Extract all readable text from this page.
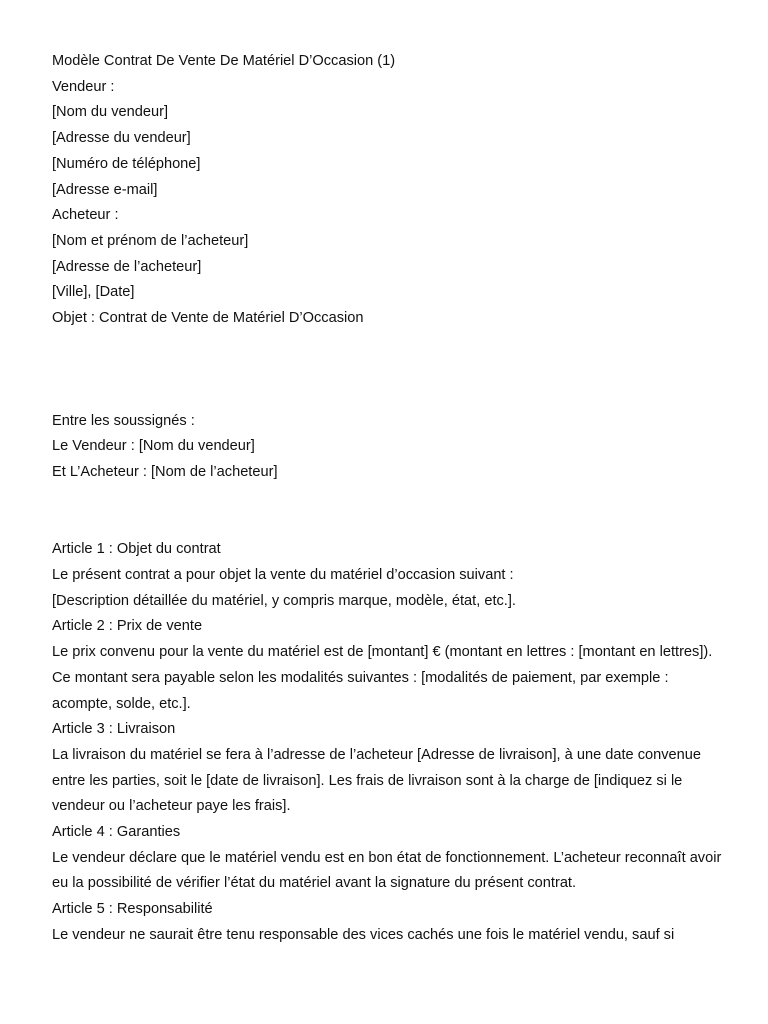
Modèle Contrat De Vente De Matériel D’Occasion (1)

Vendeur :

[Nom du vendeur]

[Adresse du vendeur]

[Numéro de téléphone]

[Adresse e-mail]

Acheteur :

[Nom et prénom de l’acheteur]

[Adresse de l’acheteur]

[Ville], [Date]

Objet : Contrat de Vente de Matériel D’Occasion

Entre les soussignés :

Le Vendeur : [Nom du vendeur]

Et L’Acheteur : [Nom de l’acheteur]

Article 1 : Objet du contrat

Le présent contrat a pour objet la vente du matériel d’occasion suivant :

[Description détaillée du matériel, y compris marque, modèle, état, etc.].

Article 2 : Prix de vente

Le prix convenu pour la vente du matériel est de [montant] € (montant en lettres : [montant en lettres]). Ce montant sera payable selon les modalités suivantes : [modalités de paiement, par exemple : acompte, solde, etc.].

Article 3 : Livraison

La livraison du matériel se fera à l’adresse de l’acheteur [Adresse de livraison], à une date convenue entre les parties, soit le [date de livraison]. Les frais de livraison sont à la charge de [indiquez si le vendeur ou l’acheteur paye les frais].

Article 4 : Garanties

Le vendeur déclare que le matériel vendu est en bon état de fonctionnement. L’acheteur reconnaît avoir eu la possibilité de vérifier l’état du matériel avant la signature du présent contrat.

Article 5 : Responsabilité

Le vendeur ne saurait être tenu responsable des vices cachés une fois le matériel vendu, sauf si
